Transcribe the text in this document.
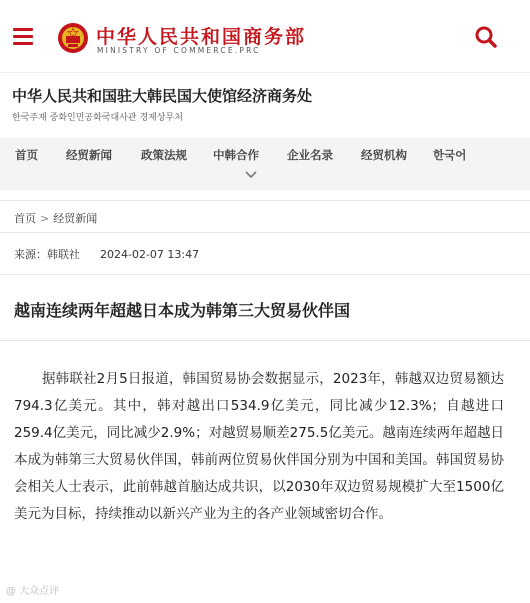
中华人民共和国商务部
MINISTRY OF COMMERCE.PRC
中华人民共和国驻大韩民国大使馆经济商务处
한국주재 중화인민공화국대사관 경제상무처
首页 经贸新闻	政策法规 中韩合作 企业名录 经贸机构 한국어
首页 > 经贸新闻
来源：韩联社 2024-02-07 13:47
越南连续两年超越日本成为韩第三大贸易伙伴国
据韩联社2月5日报道，韩国贸易协会数据显示，2023年，韩越双边贸易额达794.3亿美元。其中，韩对越出口534.9亿美元，同比减少12.3%；自越进口259.4亿美元，同比减少2.9%；对越贸易顺差275.5亿美元。越南连续两年超越日本成为韩第三大贸易伙伴国，韩前两位贸易伙伴国分别为中国和美国。韩国贸易协会相关人士表示，此前韩越首脑达成共识，以2030年双边贸易规模扩大至1500亿美元为目标，持续推动以新兴产业为主的各产业领域密切合作。
@ 大众点评
